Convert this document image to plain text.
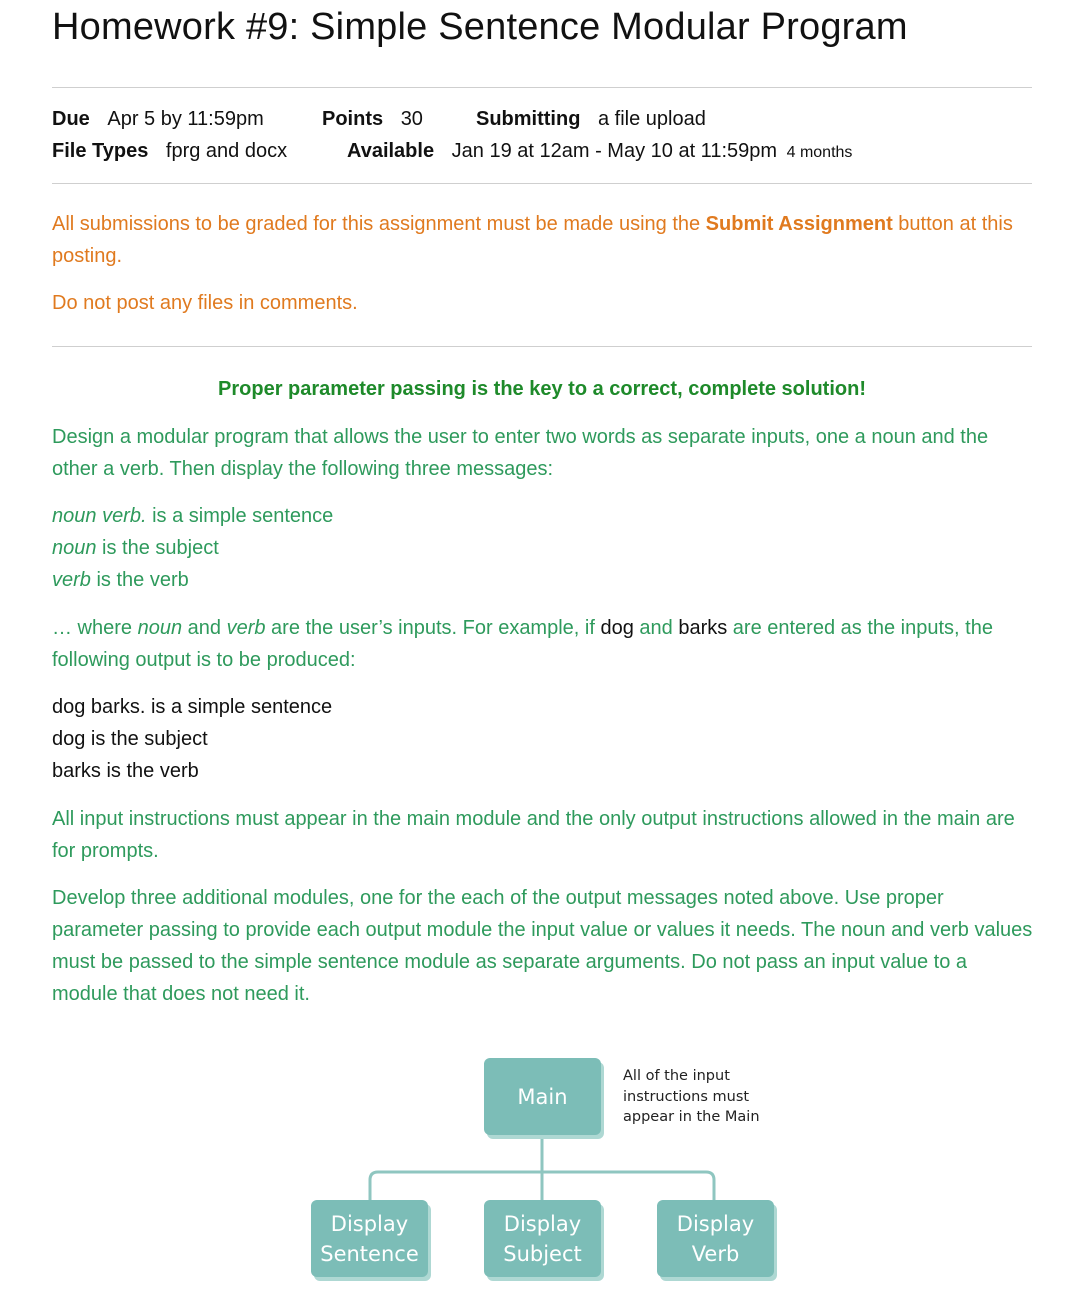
Homework #9: Simple Sentence Modular Program
Due Apr 5 by 11:59pm	Points 30	Submitting a file upload
File Types fprg and docx	Available Jan 19 at 12am - May 10 at 11:59pm 4 months

All submissions to be graded for this assignment must be made using the Submit Assignment button at this posting.

Do not post any files in comments.

Proper parameter passing is the key to a correct, complete solution!

Design a modular program that allows the user to enter two words as separate inputs, one a noun and the other a verb. Then display the following three messages:

noun verb. is a simple sentence

noun is the subject

verb is the verb

… where noun and verb are the user’s inputs. For example, if dog and barks are entered as the inputs, the following output is to be produced:

dog barks. is a simple sentence

dog is the subject

barks is the verb

All input instructions must appear in the main module and the only output instructions allowed in the main are for prompts.

Develop three additional modules, one for the each of the output messages noted above. Use proper parameter passing to provide each output module the input value or values it needs. The noun and verb values must be passed to the simple sentence module as separate arguments. Do not pass an input value to a module that does not need it.

Main
All of the input instructions must appear in the Main
Display
Sentence
Display
Subject
Display
Verb
